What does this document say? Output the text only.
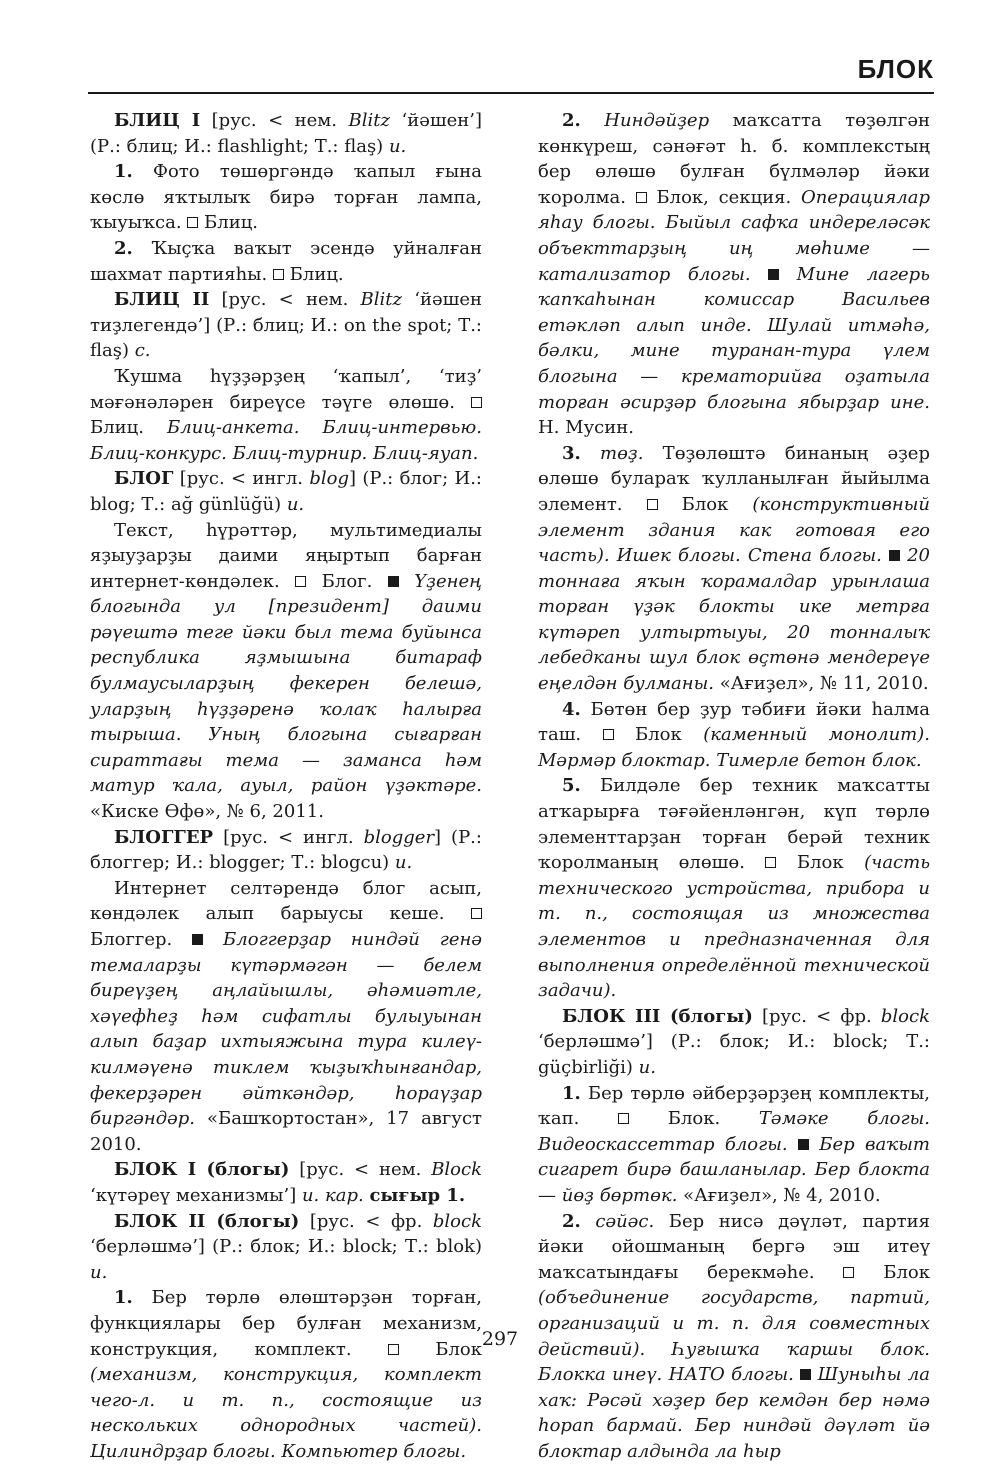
БЛОК

БЛИЦ I [рус. < нем. Blitz ‘йәшен’] (Р.: блиц; И.: flashlight; Т.: flaş) и.

1. Фото төшөргәндә ҡапыл ғына көслө яҡтылыҡ бирә торған лампа, ҡыуыҡса.  Блиц.

2. Ҡыҫҡа ваҡыт эсендә уйналған шахмат партияһы.  Блиц.

БЛИЦ II [рус. < нем. Blitz ‘йәшен тиҙлегендә’] (Р.: блиц; И.: on the spot; Т.: flaş) с.

Ҡушма һүҙҙәрҙең ‘ҡапыл’, ‘тиҙ’ мәғәнәләрен биреүсе тәүге өлөшө.  Блиц. Блиц-анкета. Блиц-интервью. Блиц-конкурс. Блиц-турнир. Блиц-яуап.

БЛОГ [рус. < ингл. blog] (Р.: блог; И.: blog; Т.: ağ günlüğü) и.

Текст, һүрәттәр, мультимедиалы яҙыуҙарҙы даими яңыртып барған интернет-көндәлек.  Блог.  Үҙенең блогында ул [президент] даими рәүештә теге йәки был тема буйынса республика яҙмышына битараф булмаусыларҙың фекерен белешә, уларҙың һүҙҙәренә ҡолаҡ һалырға тырыша. Уның блогына сығарған сираттағы тема — заманса һәм матур ҡала, ауыл, район үҙәктәре. «Киске Өфө», № 6, 2011.

БЛОГГЕР [рус. < ингл. blogger] (Р.: блоггер; И.: blogger; Т.: blogcu) и.

Интернет селтәрендә блог асып, көндәлек алып барыусы кеше.  Блоггер.  Блоггерҙар ниндәй генә темаларҙы күтәрмәгән — белем биреүҙең аңлайышлы, әһәмиәтле, хәүефһеҙ һәм сифатлы булыуынан алып баҙар ихтыяжына тура килеү-килмәүенә тиклем ҡыҙыҡһынғандар, фекерҙәрен әйткәндәр, һораүҙар биргәндәр. «Башҡортостан», 17 август 2010.

БЛОК I (блогы) [рус. < нем. Block ‘күтәреү механизмы’] и. кар. сығыр 1.

БЛОК II (блогы) [рус. < фр. block ‘берләшмә’] (Р.: блок; И.: block; Т.: blok) и.

1. Бер төрлө өлөштәрҙән торған, функциялары бер булған механизм, конструкция, комплект.  Блок (механизм, конструкция, комплект чего-л. и т. п., состоящие из нескольких однородных частей). Цилиндрҙар блогы. Компьютер блогы.

2. Ниндәйҙер маҡсатта төҙөлгән көнкүреш, сәнәғәт һ. б. комплекстың бер өлөшө булған бүлмәләр йәки ҡоролма.  Блок, секция. Операциялар яһау блогы. Быйыл сафҡа индереләсәк объекттарҙың иң мөһиме — катализатор блогы.  Мине лагерь ҡапҡаһынан комиссар Васильев етәкләп алып инде. Шулай итмәһә, бәлки, мине туранан-тура үлем блогына — крематорийға оҙатыла торған әсирҙәр блогына ябырҙар ине. Н. Мусин.

3. төҙ. Төҙөлөштә бинаның әҙер өлөшө булараҡ ҡулланылған йыйылма элемент.  Блок (конструктивный элемент здания как готовая его часть). Ишек блогы. Стена блогы.  20 тоннаға яҡын ҡорамалдар урынлаша торған үҙәк блокты ике метрға күтәреп ултыртыуы, 20 тонналыҡ лебедканы шул блок өҫтөнә мендереүе еңелдән булманы. «Ағиҙел», № 11, 2010.

4. Бөтөн бер ҙур тәбиғи йәки һалма таш.  Блок (каменный монолит). Мәрмәр блоктар. Тимерле бетон блок.

5. Билдәле бер техник маҡсатты атҡарырға тәғәйенләнгән, күп төрлө элементтарҙан торған берәй техник ҡоролманың өлөшө.  Блок (часть технического устройства, прибора и т. п., состоящая из множества элементов и предназначенная для выполнения определённой технической задачи).

БЛОК III (блогы) [рус. < фр. block ‘берләшмә’] (Р.: блок; И.: block; Т.: güçbirliği) и.

1. Бер төрлө әйберҙәрҙең комплекты, ҡап.  Блок. Тәмәке блогы. Видеоскассеттар блогы.  Бер ваҡыт сигарет бирә башланылар. Бер блокта — йөҙ бөртөк. «Ағиҙел», № 4, 2010.

2. сәйәс. Бер нисә дәүләт, партия йәки ойошманың бергә эш итеү маҡсатындағы берекмәһе.  Блок (объединение государств, партий, организаций и т. п. для совместных действий). Һуғышҡа ҡаршы блок. Блокка инеү. НАТО блогы.  Шуныһы ла хаҡ: Рәсәй хәҙер бер кемдән бер нәмә һорап бармай. Бер ниндәй дәүләт йә блоктар алдында ла һыр

297
